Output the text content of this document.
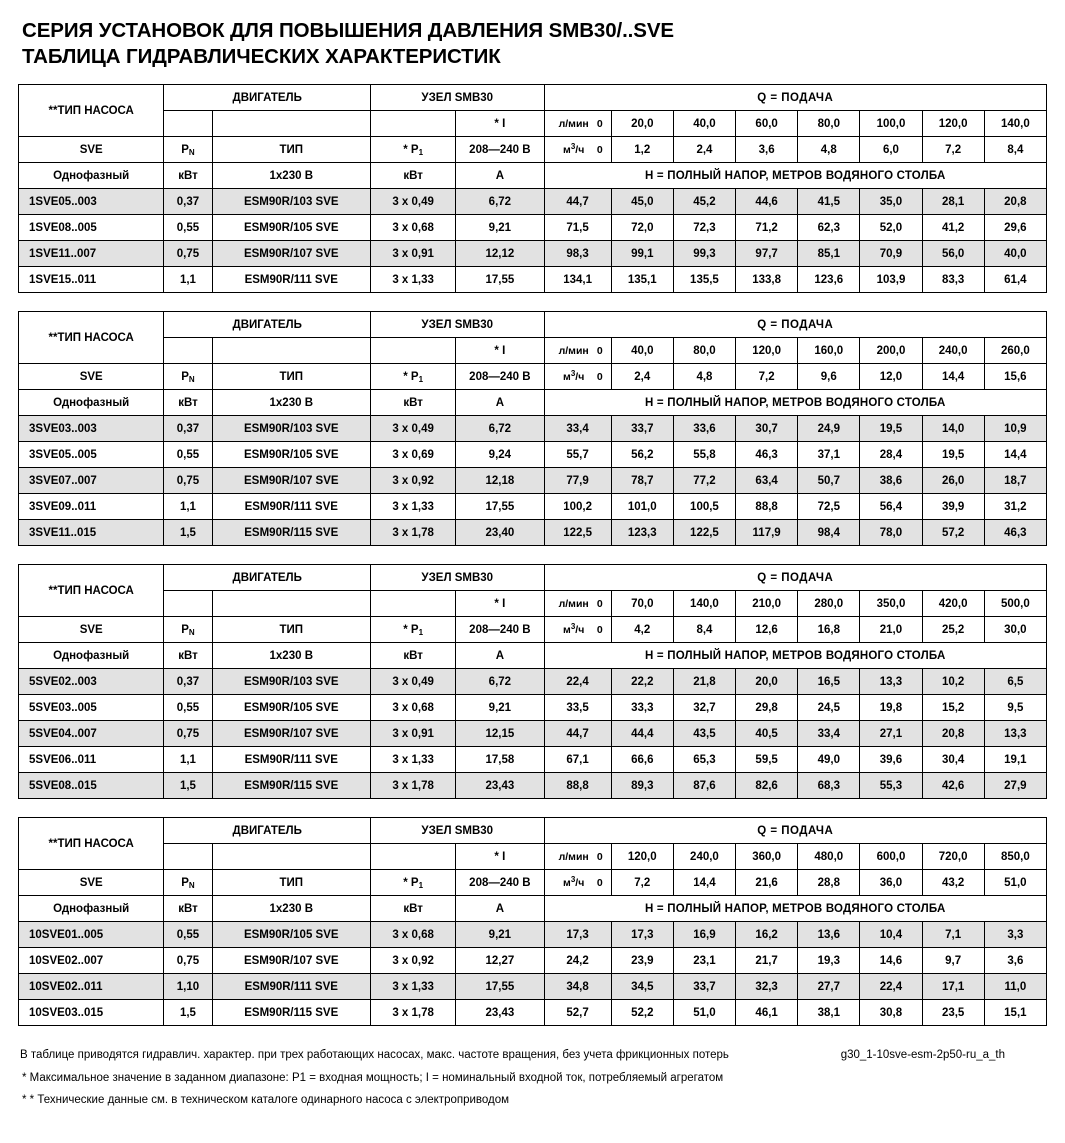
СЕРИЯ УСТАНОВОК ДЛЯ ПОВЫШЕНИЯ ДАВЛЕНИЯ SMB30/..SVE
ТАБЛИЦА ГИДРАВЛИЧЕСКИХ ХАРАКТЕРИСТИК
**ТИП НАСОСА	ДВИГАТЕЛЬ		УЗЕЛ SMB30		Q = ПОДАЧА							
				* I	л/мин 0	20,0	40,0	60,0	80,0	100,0	120,0	140,0
SVE	$P_N$	ТИП	* $P_1$	208—240 В	$м^3/ч$ 0	1,2	2,4	3,6	4,8	6,0	7,2	8,4
Однофазный	кВт	1x230 В	кВт	A	H = ПОЛНЫЙ НАПОР, МЕТРОВ ВОДЯНОГО СТОЛБА							
1SVE05..003	0,37	ESM90R/103 SVE	3 x 0,49	6,72	44,7	45,0	45,2	44,6	41,5	35,0	28,1	20,8
1SVE08..005	0,55	ESM90R/105 SVE	3 x 0,68	9,21	71,5	72,0	72,3	71,2	62,3	52,0	41,2	29,6
1SVE11..007	0,75	ESM90R/107 SVE	3 x 0,91	12,12	98,3	99,1	99,3	97,7	85,1	70,9	56,0	40,0
1SVE15..011	1,1	ESM90R/111 SVE	3 x 1,33	17,55	134,1	135,1	135,5	133,8	123,6	103,9	83,3	61,4
**ТИП НАСОСА	ДВИГАТЕЛЬ		УЗЕЛ SMB30		Q = ПОДАЧА							
				* I	л/мин 0	40,0	80,0	120,0	160,0	200,0	240,0	260,0
SVE	$P_N$	ТИП	* $P_1$	208—240 В	$м^3/ч$ 0	2,4	4,8	7,2	9,6	12,0	14,4	15,6
Однофазный	кВт	1x230 В	кВт	A	H = ПОЛНЫЙ НАПОР, МЕТРОВ ВОДЯНОГО СТОЛБА							
3SVE03..003	0,37	ESM90R/103 SVE	3 x 0,49	6,72	33,4	33,7	33,6	30,7	24,9	19,5	14,0	10,9
3SVE05..005	0,55	ESM90R/105 SVE	3 x 0,69	9,24	55,7	56,2	55,8	46,3	37,1	28,4	19,5	14,4
3SVE07..007	0,75	ESM90R/107 SVE	3 x 0,92	12,18	77,9	78,7	77,2	63,4	50,7	38,6	26,0	18,7
3SVE09..011	1,1	ESM90R/111 SVE	3 x 1,33	17,55	100,2	101,0	100,5	88,8	72,5	56,4	39,9	31,2
3SVE11..015	1,5	ESM90R/115 SVE	3 x 1,78	23,40	122,5	123,3	122,5	117,9	98,4	78,0	57,2	46,3
**ТИП НАСОСА	ДВИГАТЕЛЬ		УЗЕЛ SMB30		Q = ПОДАЧА							
				* I	л/мин 0	70,0	140,0	210,0	280,0	350,0	420,0	500,0
SVE	$P_N$	ТИП	* $P_1$	208—240 В	$м^3/ч$ 0	4,2	8,4	12,6	16,8	21,0	25,2	30,0
Однофазный	кВт	1x230 В	кВт	A	H = ПОЛНЫЙ НАПОР, МЕТРОВ ВОДЯНОГО СТОЛБА							
5SVE02..003	0,37	ESM90R/103 SVE	3 x 0,49	6,72	22,4	22,2	21,8	20,0	16,5	13,3	10,2	6,5
5SVE03..005	0,55	ESM90R/105 SVE	3 x 0,68	9,21	33,5	33,3	32,7	29,8	24,5	19,8	15,2	9,5
5SVE04..007	0,75	ESM90R/107 SVE	3 x 0,91	12,15	44,7	44,4	43,5	40,5	33,4	27,1	20,8	13,3
5SVE06..011	1,1	ESM90R/111 SVE	3 x 1,33	17,58	67,1	66,6	65,3	59,5	49,0	39,6	30,4	19,1
5SVE08..015	1,5	ESM90R/115 SVE	3 x 1,78	23,43	88,8	89,3	87,6	82,6	68,3	55,3	42,6	27,9
**ТИП НАСОСА	ДВИГАТЕЛЬ		УЗЕЛ SMB30		Q = ПОДАЧА							
				* I	л/мин 0	120,0	240,0	360,0	480,0	600,0	720,0	850,0
SVE	$P_N$	ТИП	* $P_1$	208—240 В	$м^3/ч$ 0	7,2	14,4	21,6	28,8	36,0	43,2	51,0
Однофазный	кВт	1x230 В	кВт	A	H = ПОЛНЫЙ НАПОР, МЕТРОВ ВОДЯНОГО СТОЛБА							
10SVE01..005	0,55	ESM90R/105 SVE	3 x 0,68	9,21	17,3	17,3	16,9	16,2	13,6	10,4	7,1	3,3
10SVE02..007	0,75	ESM90R/107 SVE	3 x 0,92	12,27	24,2	23,9	23,1	21,7	19,3	14,6	9,7	3,6
10SVE02..011	1,10	ESM90R/111 SVE	3 x 1,33	17,55	34,8	34,5	33,7	32,3	27,7	22,4	17,1	11,0
10SVE03..015	1,5	ESM90R/115 SVE	3 x 1,78	23,43	52,7	52,2	51,0	46,1	38,1	30,8	23,5	15,1
В таблице приводятся гидравлич. характер. при трех работающих насосах, макс. частоте вращения, без учета фрикционных потерь	g30_1-10sve-esm-2p50-ru_a_th
* Максимальное значение в заданном диапазоне: P1 = входная мощность; I = номинальный входной ток, потребляемый агрегатом
* * Технические данные см. в техническом каталоге одинарного насоса с электроприводом
